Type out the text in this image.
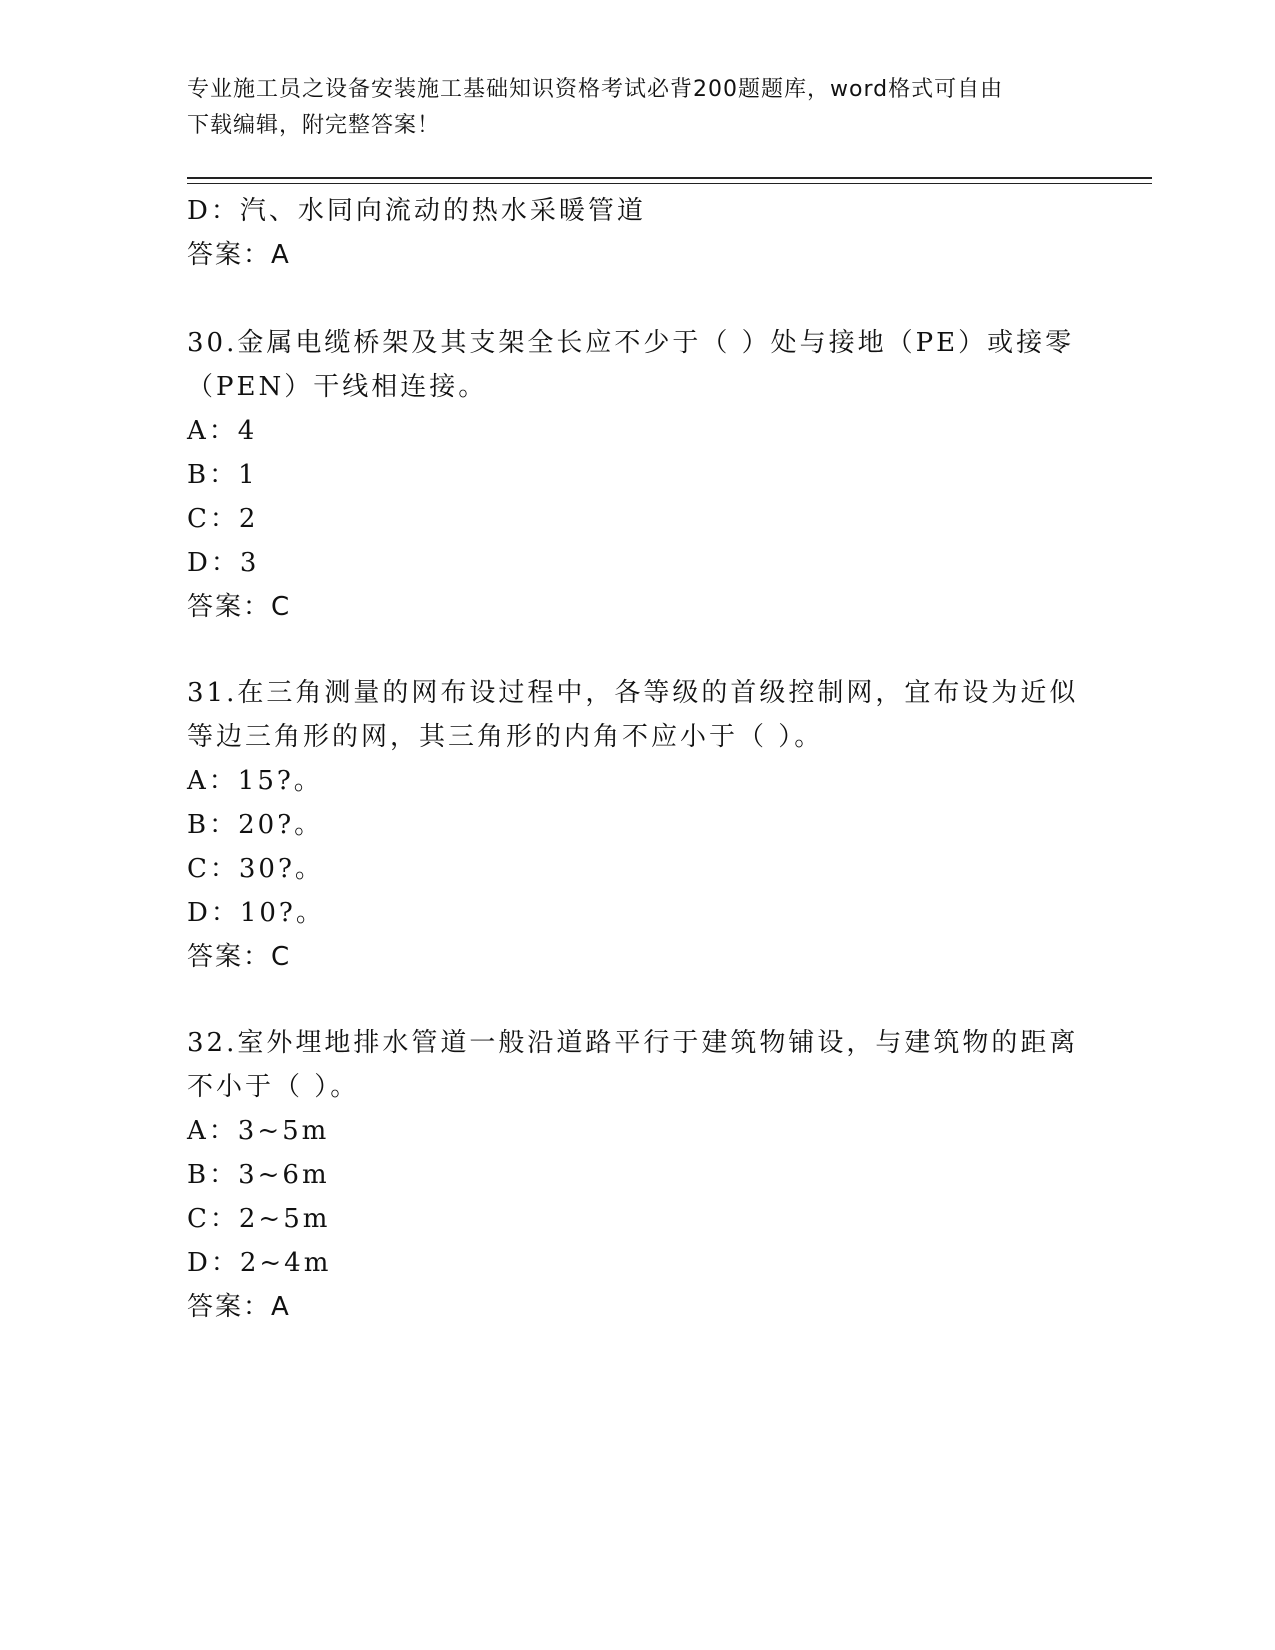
专业施工员之设备安装施工基础知识资格考试必背200题题库，word格式可自由
下载编辑，附完整答案！
D：汽、水同向流动的热水采暖管道
答案：A
30.金属电缆桥架及其支架全长应不少于（ ）处与接地（PE）或接零
（PEN）干线相连接。
A：4
B：1
C：2
D：3
答案：C
31.在三角测量的网布设过程中，各等级的首级控制网，宜布设为近似
等边三角形的网，其三角形的内角不应小于（ ）。
A：15?。
B：20?。
C：30?。
D：10?。
答案：C
32.室外埋地排水管道一般沿道路平行于建筑物铺设，与建筑物的距离
不小于（ ）。
A：3~5m
B：3~6m
C：2~5m
D：2~4m
答案：A
